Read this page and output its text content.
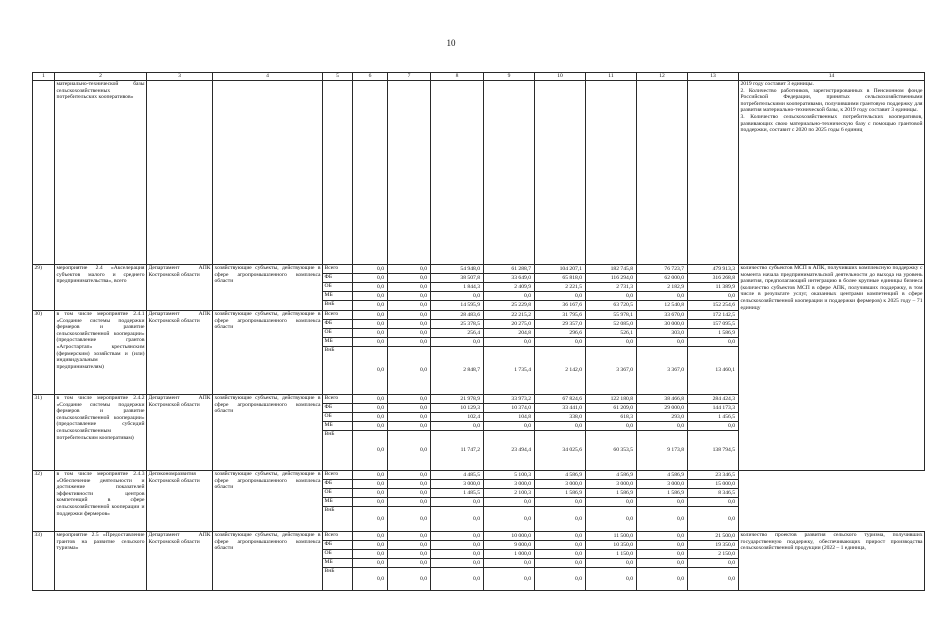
10
1	2	3	4	5	6	7	8	9	10	11	12	13	14
	материально-технической базы сельскохозяйственных потребительских кооперативов»												2019 году составит 3 единицы.
2. Количество работников, зарегистрированных в Пенсионном фонде Российской Федерации, принятых сельскохозяйственными потребительскими кооперативами, получившими грантовую поддержку для развития материально-технической базы, к 2019 году составит 3 единицы.
3. Количество сельскохозяйственных потребительских кооперативов, развивающих свою материально-техническую базу с помощью грантовой поддержки, составит с 2020 по 2025 годы 6 единиц
29)	мероприятие 2.4 «Акселерация субъектов малого и среднего предпринимательства», всего	Департамент АПК Костромской области	хозяйствующие субъекты, действующие в сфере агропромышленного комплекса области	Всего	0,0	0,0	54 948,0	61 288,7	104 207,1	182 745,8	76 723,7	479 913,3	количество субъектов МСП в АПК, получивших комплексную поддержку с момента начала предпринимательской деятельности до выхода на уровень развития, предполагающий интеграцию в более крупные единицы бизнеса (количество субъектов МСП в сфере АПК, получивших поддержку, в том числе в результате услуг, оказанных центрами компетенций в сфере сельскохозяйственной кооперации и поддержки фермеров) к 2025 году – 71 единицу
				ФБ	0,0	0,0	38 507,8	33 649,0	65 818,0	116 294,0	62 000,0	316 268,8	
				ОБ	0,0	0,0	1 844,3	2 409,9	2 221,5	2 731,3	2 182,9	11 389,9	
				МБ	0,0	0,0	0,0	0,0	0,0	0,0	0,0	0,0	
				ВнБ	0,0	0,0	14 595,9	25 229,8	36 167,6	63 720,5	12 540,8	152 254,6	
30)	в том числе мероприятие 2.4.1 «Создание системы поддержки фермеров и развитие сельскохозяйственной кооперации» (предоставление грантов «Агростартап» крестьянским (фермерским) хозяйствам и (или) индивидуальным предпринимателям)	Департамент АПК Костромской области	хозяйствующие субъекты, действующие в сфере агропромышленного комплекса области	Всего	0,0	0,0	28 483,6	22 215,2	31 795,6	55 978,1	33 670,0	172 142,5	
				ФБ	0,0	0,0	25 378,5	20 275,0	29 357,0	52 085,0	30 000,0	157 095,5	
				ОБ	0,0	0,0	256,4	204,8	296,6	526,1	303,0	1 586,9	
				МБ	0,0	0,0	0,0	0,0	0,0	0,0	0,0	0,0	
				ВнБ	0,0	0,0	2 848,7	1 735,4	2 142,0	3 367,0	3 367,0	13 460,1	
31)	в том числе мероприятие 2.4.2 «Создание системы поддержки фермеров и развитие сельскохозяйственной кооперации» (предоставление субсидий сельскохозяйственным потребительским кооперативам)	Департамент АПК Костромской области	хозяйствующие субъекты, действующие в сфере агропромышленного комплекса области	Всего	0,0	0,0	21 978,9	33 973,2	67 824,6	122 180,8	38 466,8	284 424,3	
				ФБ	0,0	0,0	10 129,3	10 374,0	33 441,0	61 209,0	29 000,0	144 173,3	
				ОБ	0,0	0,0	102,4	104,8	338,0	618,3	293,0	1 456,5	
				МБ	0,0	0,0	0,0	0,0	0,0	0,0	0,0	0,0	
				ВнБ	0,0	0,0	11 747,2	23 494,4	34 025,6	60 353,5	9 173,8	138 794,5	
32)	в том числе мероприятие 2.4.3 «Обеспечение деятельности и достижение показателей эффективности центров компетенций в сфере сельскохозяйственной кооперации и поддержки фермеров»	Депэкономразвития Костромской области	хозяйствующие субъекты, действующие в сфере агропромышленного комплекса области	Всего	0,0	0,0	4 485,5	5 100,3	4 586,9	4 586,9	4 586,9	23 346,5	
				ФБ	0,0	0,0	3 000,0	3 000,0	3 000,0	3 000,0	3 000,0	15 000,0	
				ОБ	0,0	0,0	1 485,5	2 100,3	1 586,9	1 586,9	1 586,9	8 346,5	
				МБ	0,0	0,0	0,0	0,0	0,0	0,0	0,0	0,0	
				ВнБ	0,0	0,0	0,0	0,0	0,0	0,0	0,0	0,0	
33)	мероприятие 2.5 «Предоставление грантов на развитие сельского туризма»	Департамент АПК Костромской области	хозяйствующие субъекты, действующие в сфере агропромышленного комплекса области	Всего	0,0	0,0	0,0	10 000,0	0,0	11 500,0	0,0	21 500,0	количество проектов развития сельского туризма, получивших государственную поддержку, обеспечивающих прирост производства сельскохозяйственной продукции (2022 – 1 единица,
				ФБ	0,0	0,0	0,0	9 000,0	0,0	10 350,0	0,0	19 350,0	
				ОБ	0,0	0,0	0,0	1 000,0	0,0	1 150,0	0,0	2 150,0	
				МБ	0,0	0,0	0,0	0,0	0,0	0,0	0,0	0,0	
				ВнБ	0,0	0,0	0,0	0,0	0,0	0,0	0,0	0,0	
